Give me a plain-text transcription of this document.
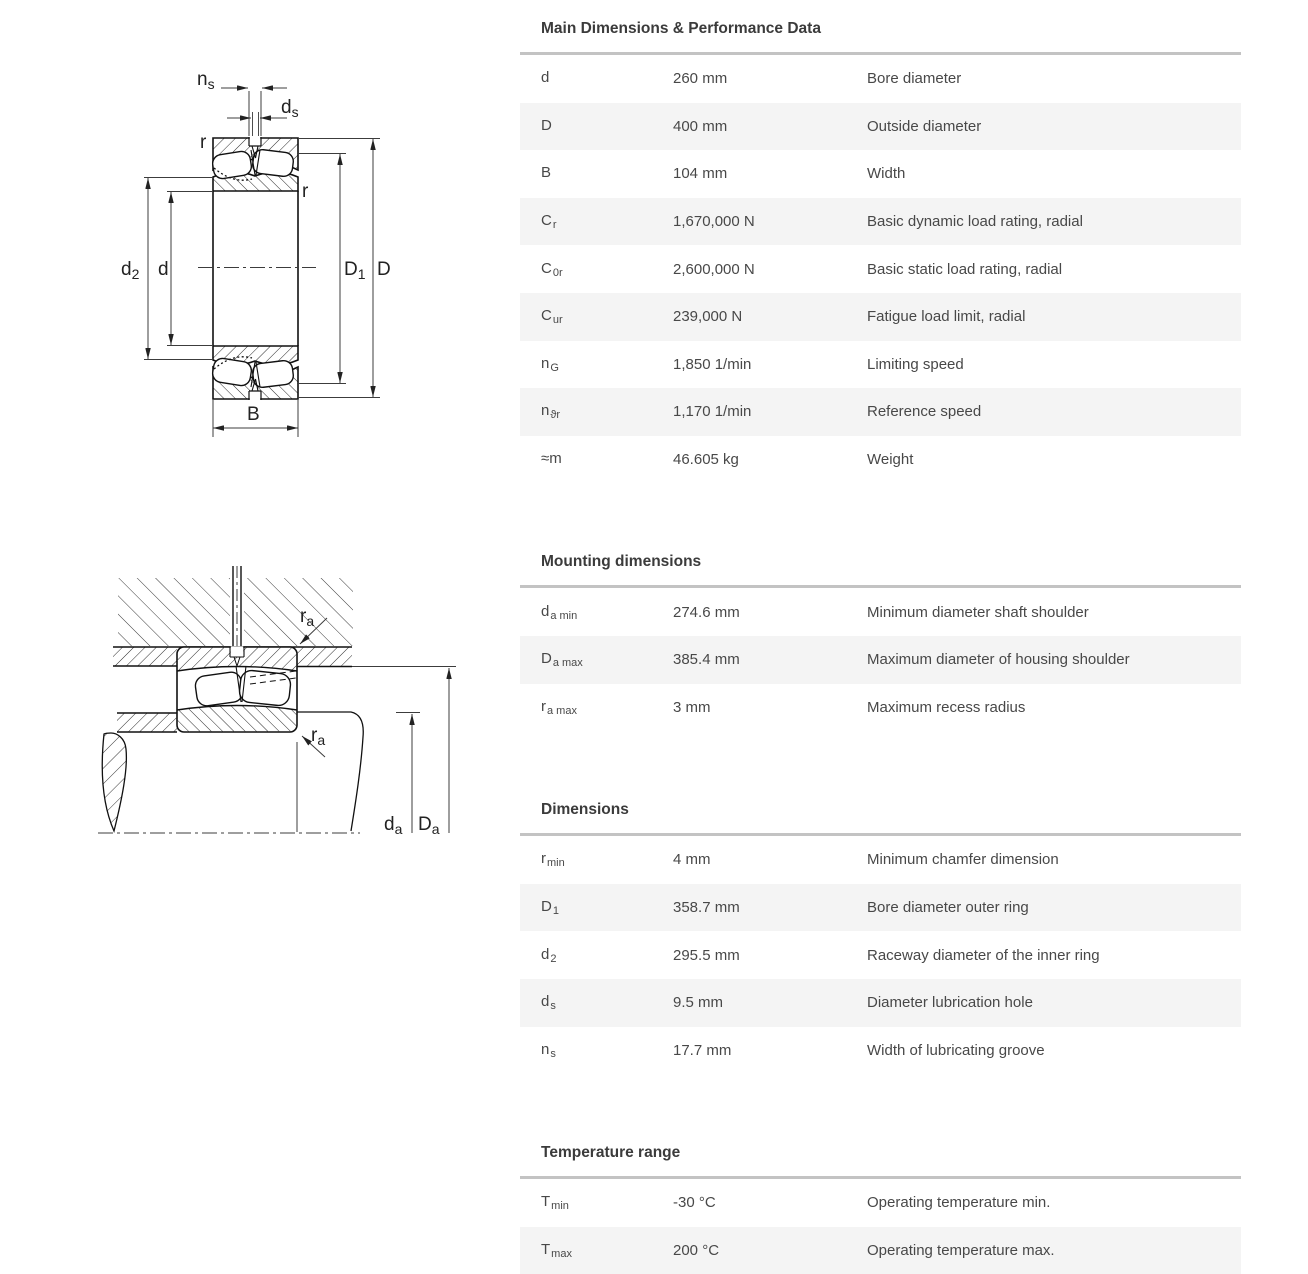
$n_s$
$d_s$
r
r
$d_2$ d	$D_1$ D
B
$r_a$
$r_a$
$d_a$ $D_a$
Main Dimensions & Performance Data
d	260 mm	Bore diameter
D	400 mm	Outside diameter
B	104 mm	Width
$C_r$	1,670,000 N	Basic dynamic load rating, radial
$C_{0r}$	2,600,000 N	Basic static load rating, radial
$C_{ur}$	239,000 N	Fatigue load limit, radial
$n_G$	1,850 1/min	Limiting speed
$n_{ϑr}$	1,170 1/min	Reference speed
≈m	46.605 kg	Weight
Mounting dimensions
$d_{a min}$	274.6 mm	Minimum diameter shaft shoulder
$D_{a max}$	385.4 mm	Maximum diameter of housing shoulder
$r_{a max}$	3 mm	Maximum recess radius
Dimensions
$r_{min}$	4 mm	Minimum chamfer dimension
$D_1$	358.7 mm	Bore diameter outer ring
$d_2$	295.5 mm	Raceway diameter of the inner ring
$d_s$	9.5 mm	Diameter lubrication hole
$n_s$	17.7 mm	Width of lubricating groove
Temperature range
$T_{min}$	-30 °C	Operating temperature min.
$T_{max}$	200 °C	Operating temperature max.
